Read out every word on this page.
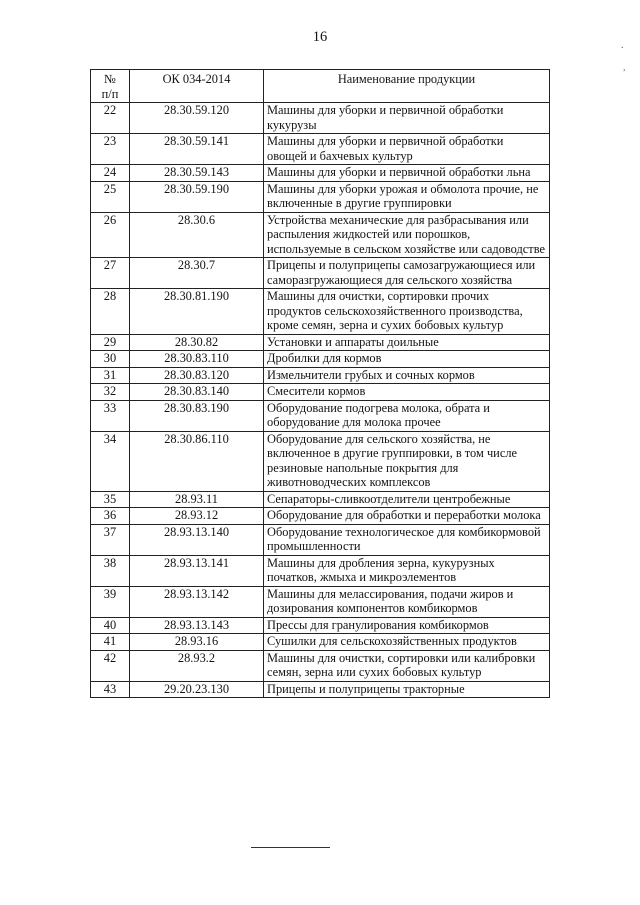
16
.
,
№
п/п	ОК 034-2014	Наименование продукции
22	28.30.59.120	Машины для уборки и первичной обработки кукурузы
23	28.30.59.141	Машины для уборки и первичной обработки овощей и бахчевых культур
24	28.30.59.143	Машины для уборки и первичной обработки льна
25	28.30.59.190	Машины для уборки урожая и обмолота прочие, не включенные в другие группировки
26	28.30.6	Устройства механические для разбрасывания или распыления жидкостей или порошков, используемые в сельском хозяйстве или садоводстве
27	28.30.7	Прицепы и полуприцепы самозагружающиеся или саморазгружающиеся для сельского хозяйства
28	28.30.81.190	Машины для очистки, сортировки прочих продуктов сельскохозяйственного производства, кроме семян, зерна и сухих бобовых культур
29	28.30.82	Установки и аппараты доильные
30	28.30.83.110	Дробилки для кормов
31	28.30.83.120	Измельчители грубых и сочных кормов
32	28.30.83.140	Смесители кормов
33	28.30.83.190	Оборудование подогрева молока, обрата и оборудование для молока прочее
34	28.30.86.110	Оборудование для сельского хозяйства, не включенное в другие группировки, в том числе резиновые напольные покрытия для животноводческих комплексов
35	28.93.11	Сепараторы-сливкоотделители центробежные
36	28.93.12	Оборудование для обработки и переработки молока
37	28.93.13.140	Оборудование технологическое для комбикормовой промышленности
38	28.93.13.141	Машины для дробления зерна, кукурузных початков, жмыха и микроэлементов
39	28.93.13.142	Машины для мелассирования, подачи жиров и дозирования компонентов комбикормов
40	28.93.13.143	Прессы для гранулирования комбикормов
41	28.93.16	Сушилки для сельскохозяйственных продуктов
42	28.93.2	Машины для очистки, сортировки или калибровки семян, зерна или сухих бобовых культур
43	29.20.23.130	Прицепы и полуприцепы тракторные
